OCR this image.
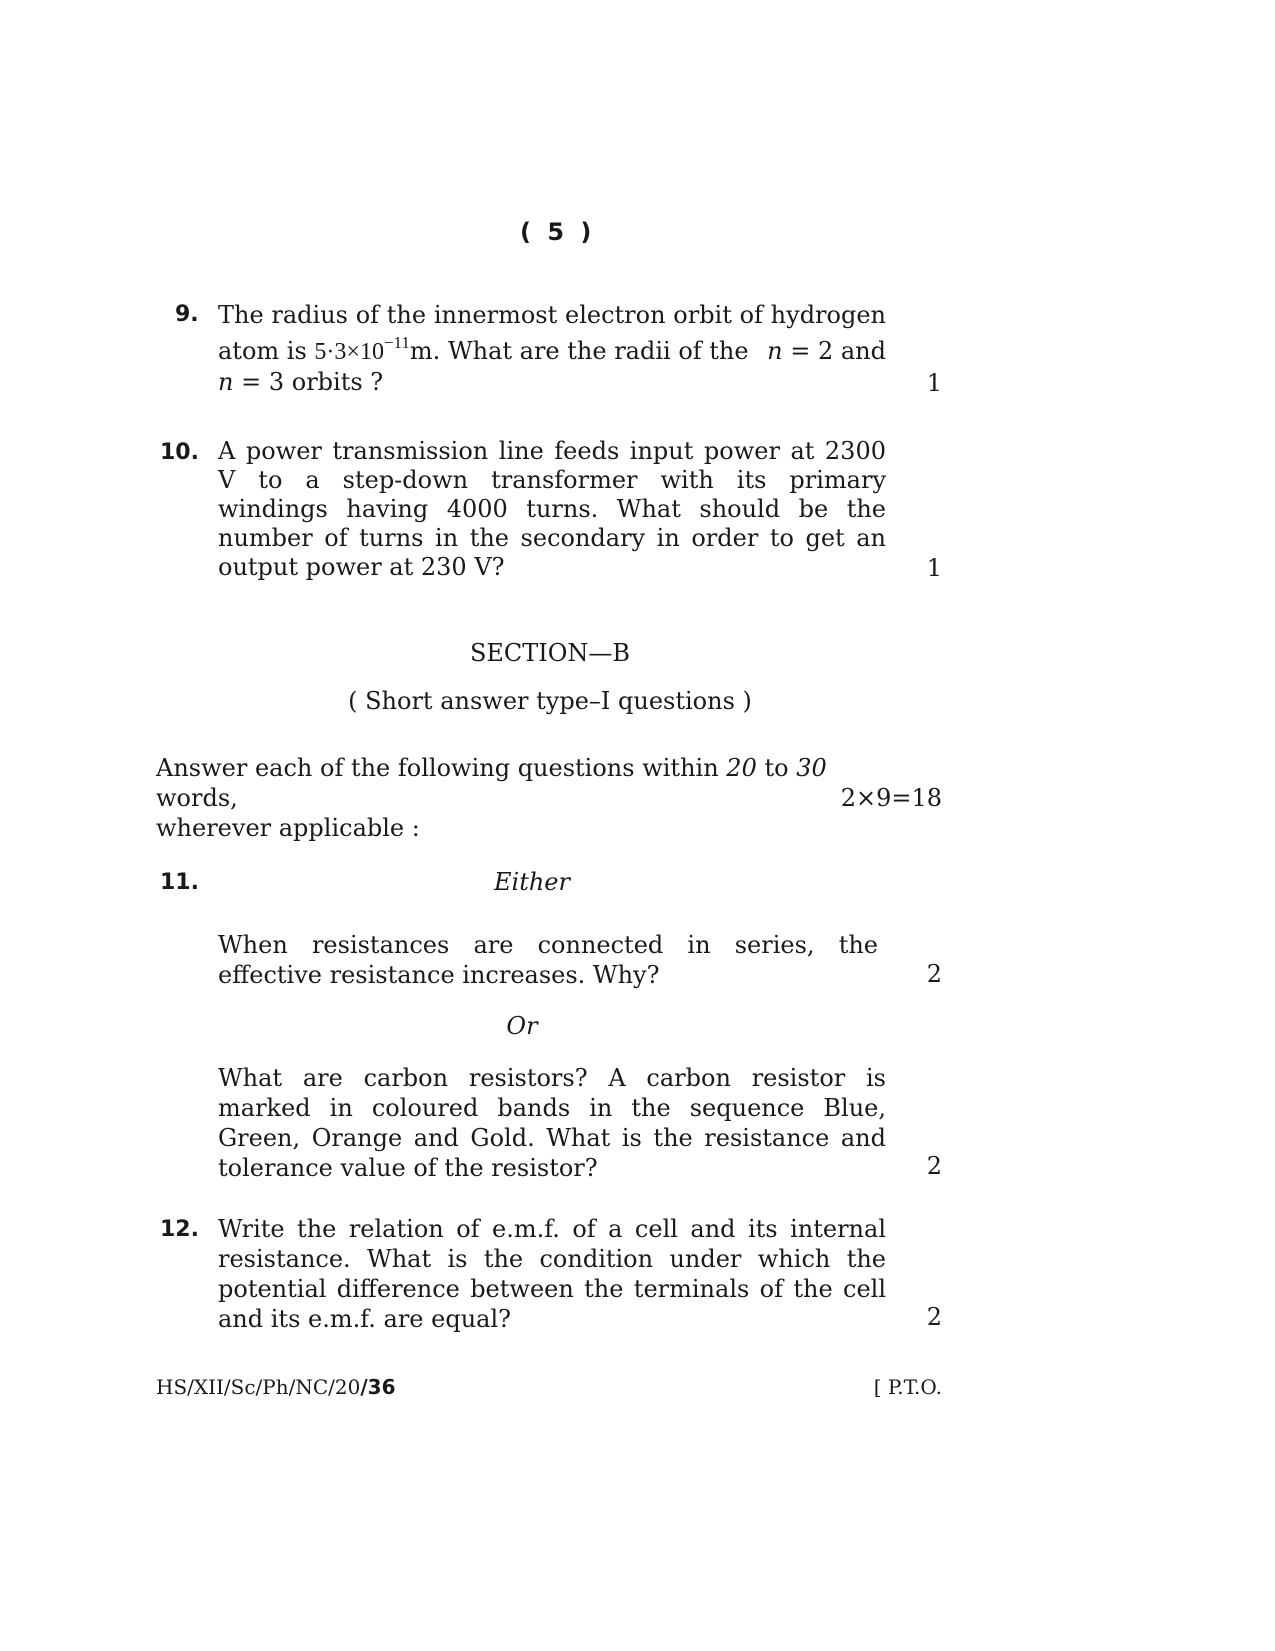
( 5 )
9. The radius of the innermost electron orbit of hydrogen
atom is $5\cdot 3\times 10^{-11}m$. What are the radii of the n = 2 and
n = 3 orbits ?	1
10. A power transmission line feeds input power at 2300 V to a step-down transformer with its primary windings having 4000 turns. What should be the number of turns in the secondary in order to get an output power at 230 V?	1
SECTION—B
( Short answer type–I questions )
Answer each of the following questions within 20 to 30 words,
wherever applicable :
2×9=18
11.	Either
When resistances are connected in series, the effective resistance increases. Why?	2
Or
What are carbon resistors? A carbon resistor is marked in coloured bands in the sequence Blue, Green, Orange and Gold. What is the resistance and tolerance value of the resistor?	2
12. Write the relation of e.m.f. of a cell and its internal resistance. What is the condition under which the potential difference between the terminals of the cell and its e.m.f. are equal?	2
HS/XII/Sc/Ph/NC/20/36	[ P.T.O.
